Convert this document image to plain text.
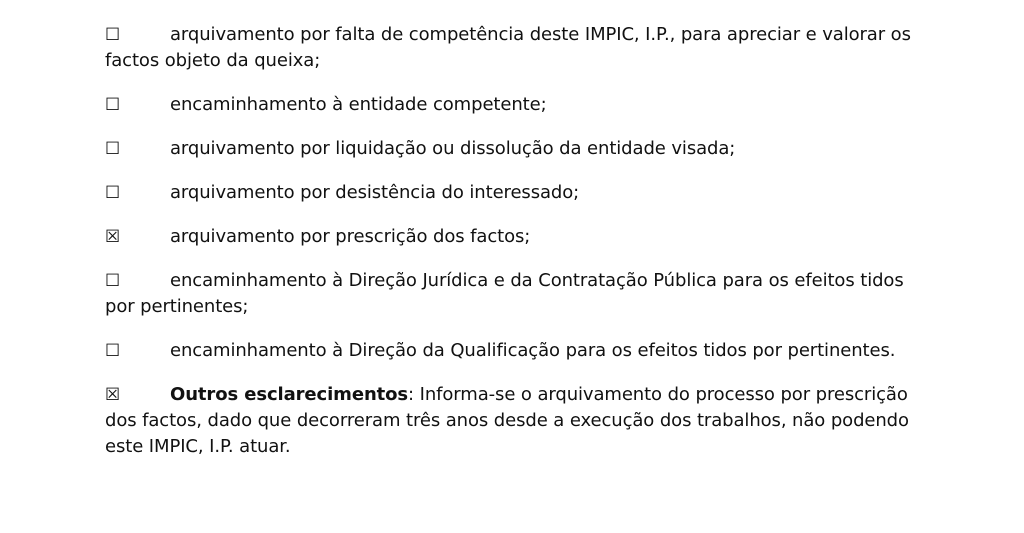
☐	arquivamento por falta de competência deste IMPIC, I.P., para apreciar e valorar os factos objeto da queixa;
☐	encaminhamento à entidade competente;
☐	arquivamento por liquidação ou dissolução da entidade visada;
☐	arquivamento por desistência do interessado;
☒	arquivamento por prescrição dos factos;
☐	encaminhamento à Direção Jurídica e da Contratação Pública para os efeitos tidos por pertinentes;
☐	encaminhamento à Direção da Qualificação para os efeitos tidos por pertinentes.
☒	Outros esclarecimentos: Informa-se o arquivamento do processo por prescrição dos factos, dado que decorreram três anos desde a execução dos trabalhos, não podendo este IMPIC, I.P. atuar.
